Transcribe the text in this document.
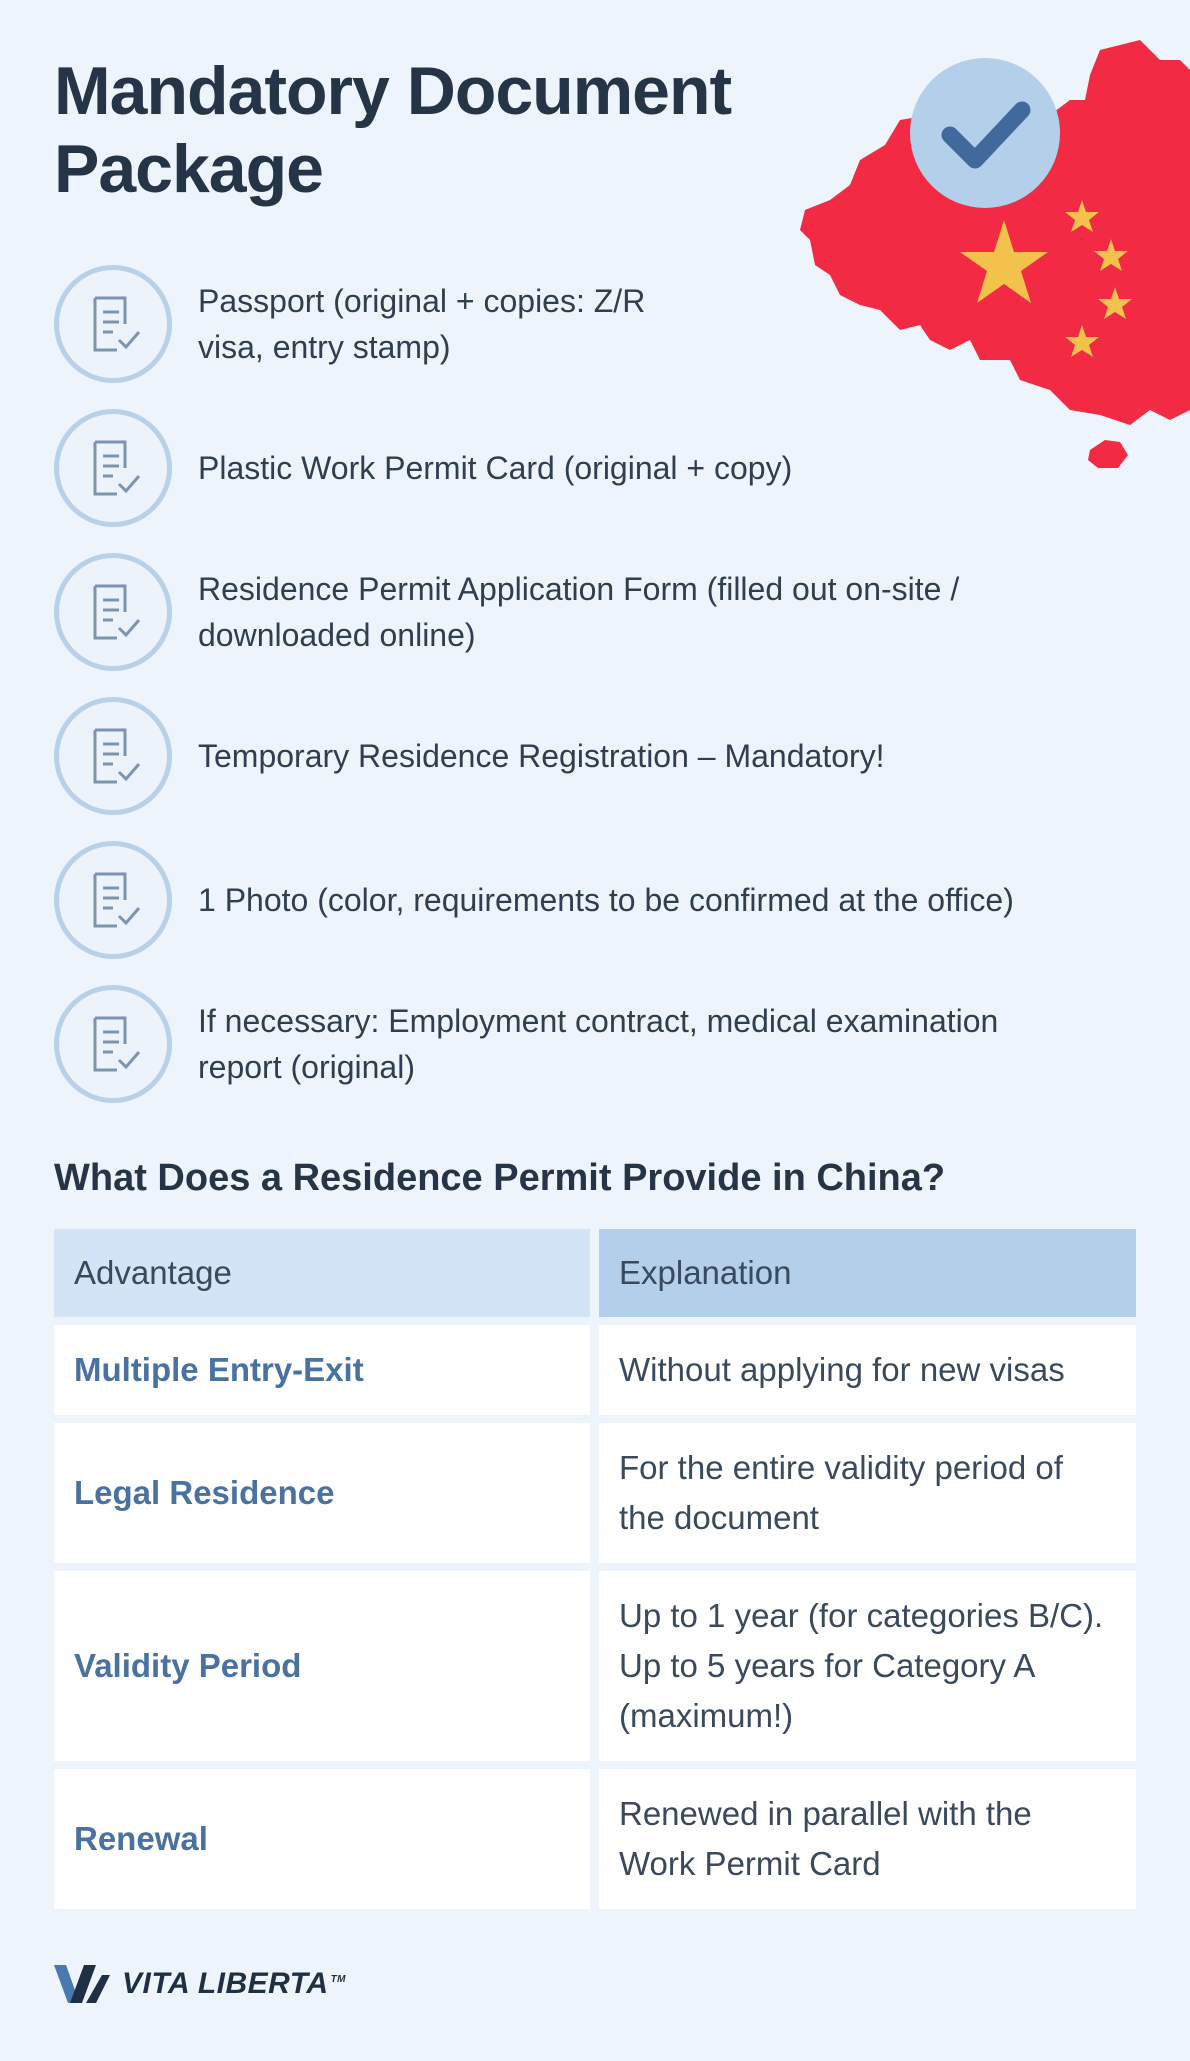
Mandatory Document Package
Passport (original + copies: Z/R visa, entry stamp)
Plastic Work Permit Card (original + copy)
Residence Permit Application Form (filled out on-site / downloaded online)
Temporary Residence Registration – Mandatory!
1 Photo (color, requirements to be confirmed at the office)
If necessary: Employment contract, medical examination report (original)
What Does a Residence Permit Provide in China?
Advantage	Explanation
Multiple Entry-Exit	Without applying for new visas
Legal Residence
For the entire validity period of the document
Validity Period
Up to 1 year (for categories B/C). Up to 5 years for Category A (maximum!)
Renewal
Renewed in parallel with the Work Permit Card
VITA LIBERTA ™
